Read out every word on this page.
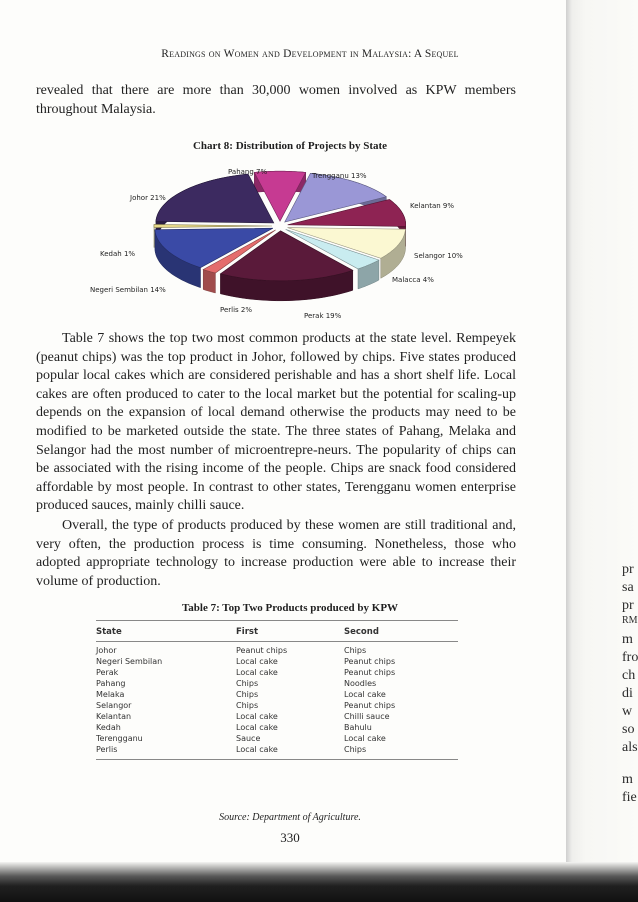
Readings on Women and Development in Malaysia: A Sequel

revealed that there are more than 30,000 women involved as KPW members throughout Malaysia.

Chart 8: Distribution of Projects by State
Trengganu 13%
Kelantan 9%
Selangor 10%
Malacca 4%
Perak 19%
Perlis 2%
Negeri Sembilan 14%
Kedah 1%
Johor 21%
Pahang 7%

Table 7 shows the top two most common products at the state level. Rempeyek (peanut chips) was the top product in Johor, followed by chips. Five states produced popular local cakes which are considered perishable and has a short shelf life. Local cakes are often produced to cater to the local market but the potential for scaling-up depends on the expansion of local demand otherwise the products may need to be modified to be marketed outside the state. The three states of Pahang, Melaka and Selangor had the most number of microentrepre-neurs. The popularity of chips can be associated with the rising income of the people. Chips are snack food considered affordable by most people. In contrast to other states, Terengganu women enterprise produced sauces, mainly chilli sauce.

Overall, the type of products produced by these women are still traditional and, very often, the production process is time consuming. Nonetheless, those who adopted appropriate technology to increase production were able to increase their volume of production.

Table 7: Top Two Products produced by KPW
State	First	Second
Johor	Peanut chips	Chips
Negeri Sembilan	Local cake	Peanut chips
Perak	Local cake	Peanut chips
Pahang	Chips	Noodles
Melaka	Chips	Local cake
Selangor	Chips	Peanut chips
Kelantan	Local cake	Chilli sauce
Kedah	Local cake	Bahulu
Terengganu	Sauce	Local cake
Perlis	Local cake	Chips
Source: Department of Agriculture.
330
pr
sa
pr
RM
m
fro
ch
di
w
so
als
m
fie
